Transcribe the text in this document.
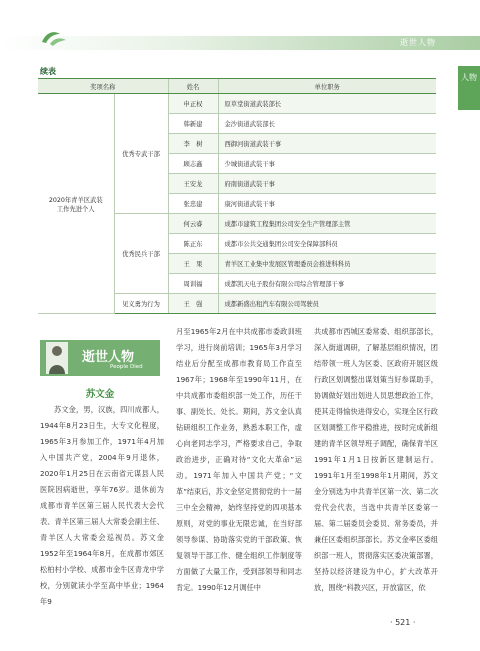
逝世人物
人物
续表
奖项名称		姓名	单位职务
2020年青羊区武装工作先进个人	优秀专武干部	申正权	原草堂街道武装部长
		韩新建	金沙街道武装部长
		李　树	西御河街道武装干事
		顾志鑫	少城街道武装干事
		王安龙	府南街道武装干事
		张忠建	康河街道武装干事
	优秀民兵干部	何云睿	成都市建筑工程集团公司安全生产管理部主管
		陈正东	成都市公共交通集团公司安全保障部科员
		王　果	青羊区工业集中发展区管理委员会推进科科员
		周训福	成都凯天电子股份有限公司综合管理部干事
	见义勇为行为	王　强	成都新盛出租汽车有限公司驾驶员
逝世人物
People Died
苏文金
苏文金，男，汉族，四川成都人，1944年8月23日生，大专文化程度，1965年3月参加工作，1971年4月加入中国共产党，2004年9月退休，2020年1月25日在云南省元谋县人民医院因病逝世，享年76岁。退休前为成都市青羊区第三届人民代表大会代表、青羊区第三届人大常委会副主任、青羊区人大常委会巡视员。苏文金1952年至1964年8月，在成都市郊区松柏村小学校、成都市金牛区青龙中学校，分别就读小学至高中毕业；1964年9
月至1965年2月在中共成都市委政训班学习，进行岗前培训；1965年3月学习结业后分配至成都市教育局工作直至1967年；1968年至1990年11月，在中共成都市委组织部一处工作，历任干事、副处长、处长。期间，苏文金认真钻研组织工作业务，熟悉本职工作，虚心向老同志学习，严格要求自己，争取政治进步，正确对待“文化大革命”运动。1971年加入中国共产党；“文革”结束后，苏文金坚定贯彻党的十一届三中全会精神，始终坚持党的四项基本原则，对党的事业无限忠诚，在当好部领导参谋、协助落实党的干部政策、恢复领导干部工作、健全组织工作制度等方面做了大量工作，受到部领导和同志肯定。1990年12月调任中
共成都市西城区委常委、组织部部长，深入街道调研，了解基层组织情况，团结带领一班人为区委、区政府开展区级行政区划调整出谋划策当好参谋助手，协调做好划出划进人员思想政治工作，使其走得愉快进得安心，实现全区行政区划调整工作平稳推进，按时完成新组建的青羊区领导班子调配，确保青羊区1991年1月1日按新区建制运行。1991年1月至1998年1月期间，苏文金分别选为中共青羊区第一次、第二次党代会代表，当选中共青羊区委第一届、第二届委员会委员、常务委员，并兼任区委组织部部长。苏文金率区委组织部一班人，贯彻落实区委决策部署，坚持以经济建设为中心，扩大改革开放，围绕“科教兴区，开放富区，依
· 521 ·
